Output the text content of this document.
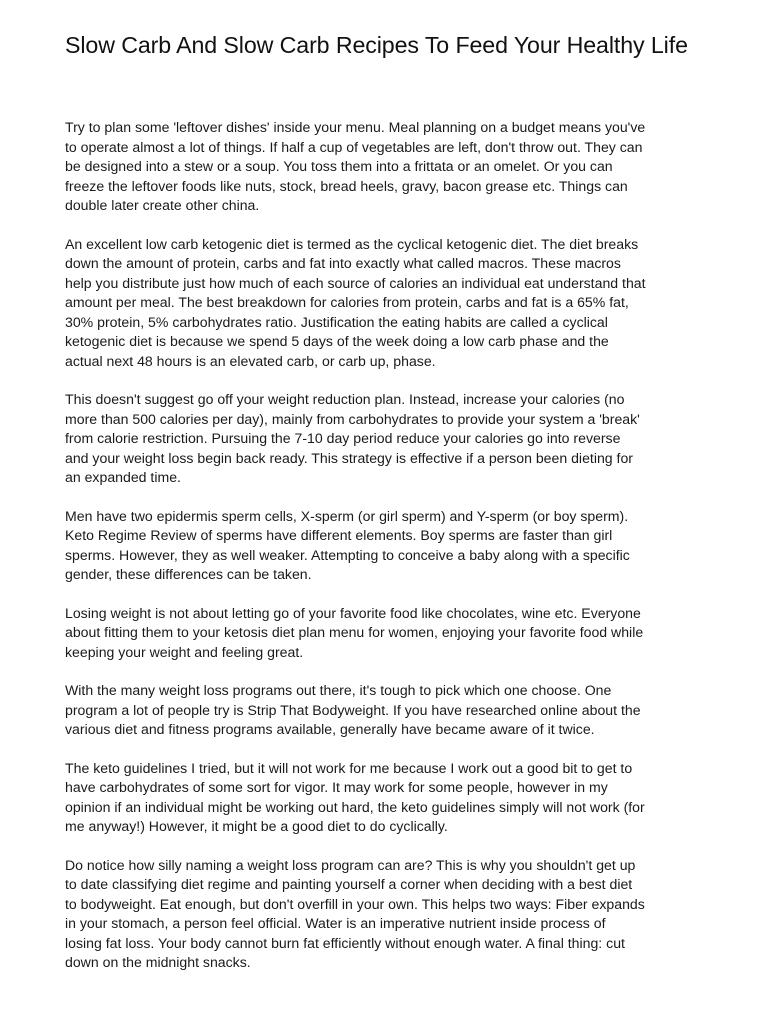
Slow Carb And Slow Carb Recipes To Feed Your Healthy Life

Try to plan some 'leftover dishes' inside your menu. Meal planning on a budget means you've
to operate almost a lot of things. If half a cup of vegetables are left, don't throw out. They can
be designed into a stew or a soup. You toss them into a frittata or an omelet. Or you can
freeze the leftover foods like nuts, stock, bread heels, gravy, bacon grease etc. Things can
double later create other china.

An excellent low carb ketogenic diet is termed as the cyclical ketogenic diet. The diet breaks
down the amount of protein, carbs and fat into exactly what called macros. These macros
help you distribute just how much of each source of calories an individual eat understand that
amount per meal. The best breakdown for calories from protein, carbs and fat is a 65% fat,
30% protein, 5% carbohydrates ratio. Justification the eating habits are called a cyclical
ketogenic diet is because we spend 5 days of the week doing a low carb phase and the
actual next 48 hours is an elevated carb, or carb up, phase.

This doesn't suggest go off your weight reduction plan. Instead, increase your calories (no
more than 500 calories per day), mainly from carbohydrates to provide your system a 'break'
from calorie restriction. Pursuing the 7-10 day period reduce your calories go into reverse
and your weight loss begin back ready. This strategy is effective if a person been dieting for
an expanded time.

Men have two epidermis sperm cells, X-sperm (or girl sperm) and Y-sperm (or boy sperm).
Keto Regime Review of sperms have different elements. Boy sperms are faster than girl
sperms. However, they as well weaker. Attempting to conceive a baby along with a specific
gender, these differences can be taken.

Losing weight is not about letting go of your favorite food like chocolates, wine etc. Everyone
about fitting them to your ketosis diet plan menu for women, enjoying your favorite food while
keeping your weight and feeling great.

With the many weight loss programs out there, it's tough to pick which one choose. One
program a lot of people try is Strip That Bodyweight. If you have researched online about the
various diet and fitness programs available, generally have became aware of it twice.

The keto guidelines I tried, but it will not work for me because I work out a good bit to get to
have carbohydrates of some sort for vigor. It may work for some people, however in my
opinion if an individual might be working out hard, the keto guidelines simply will not work (for
me anyway!) However, it might be a good diet to do cyclically.

Do notice how silly naming a weight loss program can are? This is why you shouldn't get up
to date classifying diet regime and painting yourself a corner when deciding with a best diet
to bodyweight. Eat enough, but don't overfill in your own. This helps two ways: Fiber expands
in your stomach, a person feel official. Water is an imperative nutrient inside process of
losing fat loss. Your body cannot burn fat efficiently without enough water. A final thing: cut
down on the midnight snacks.
